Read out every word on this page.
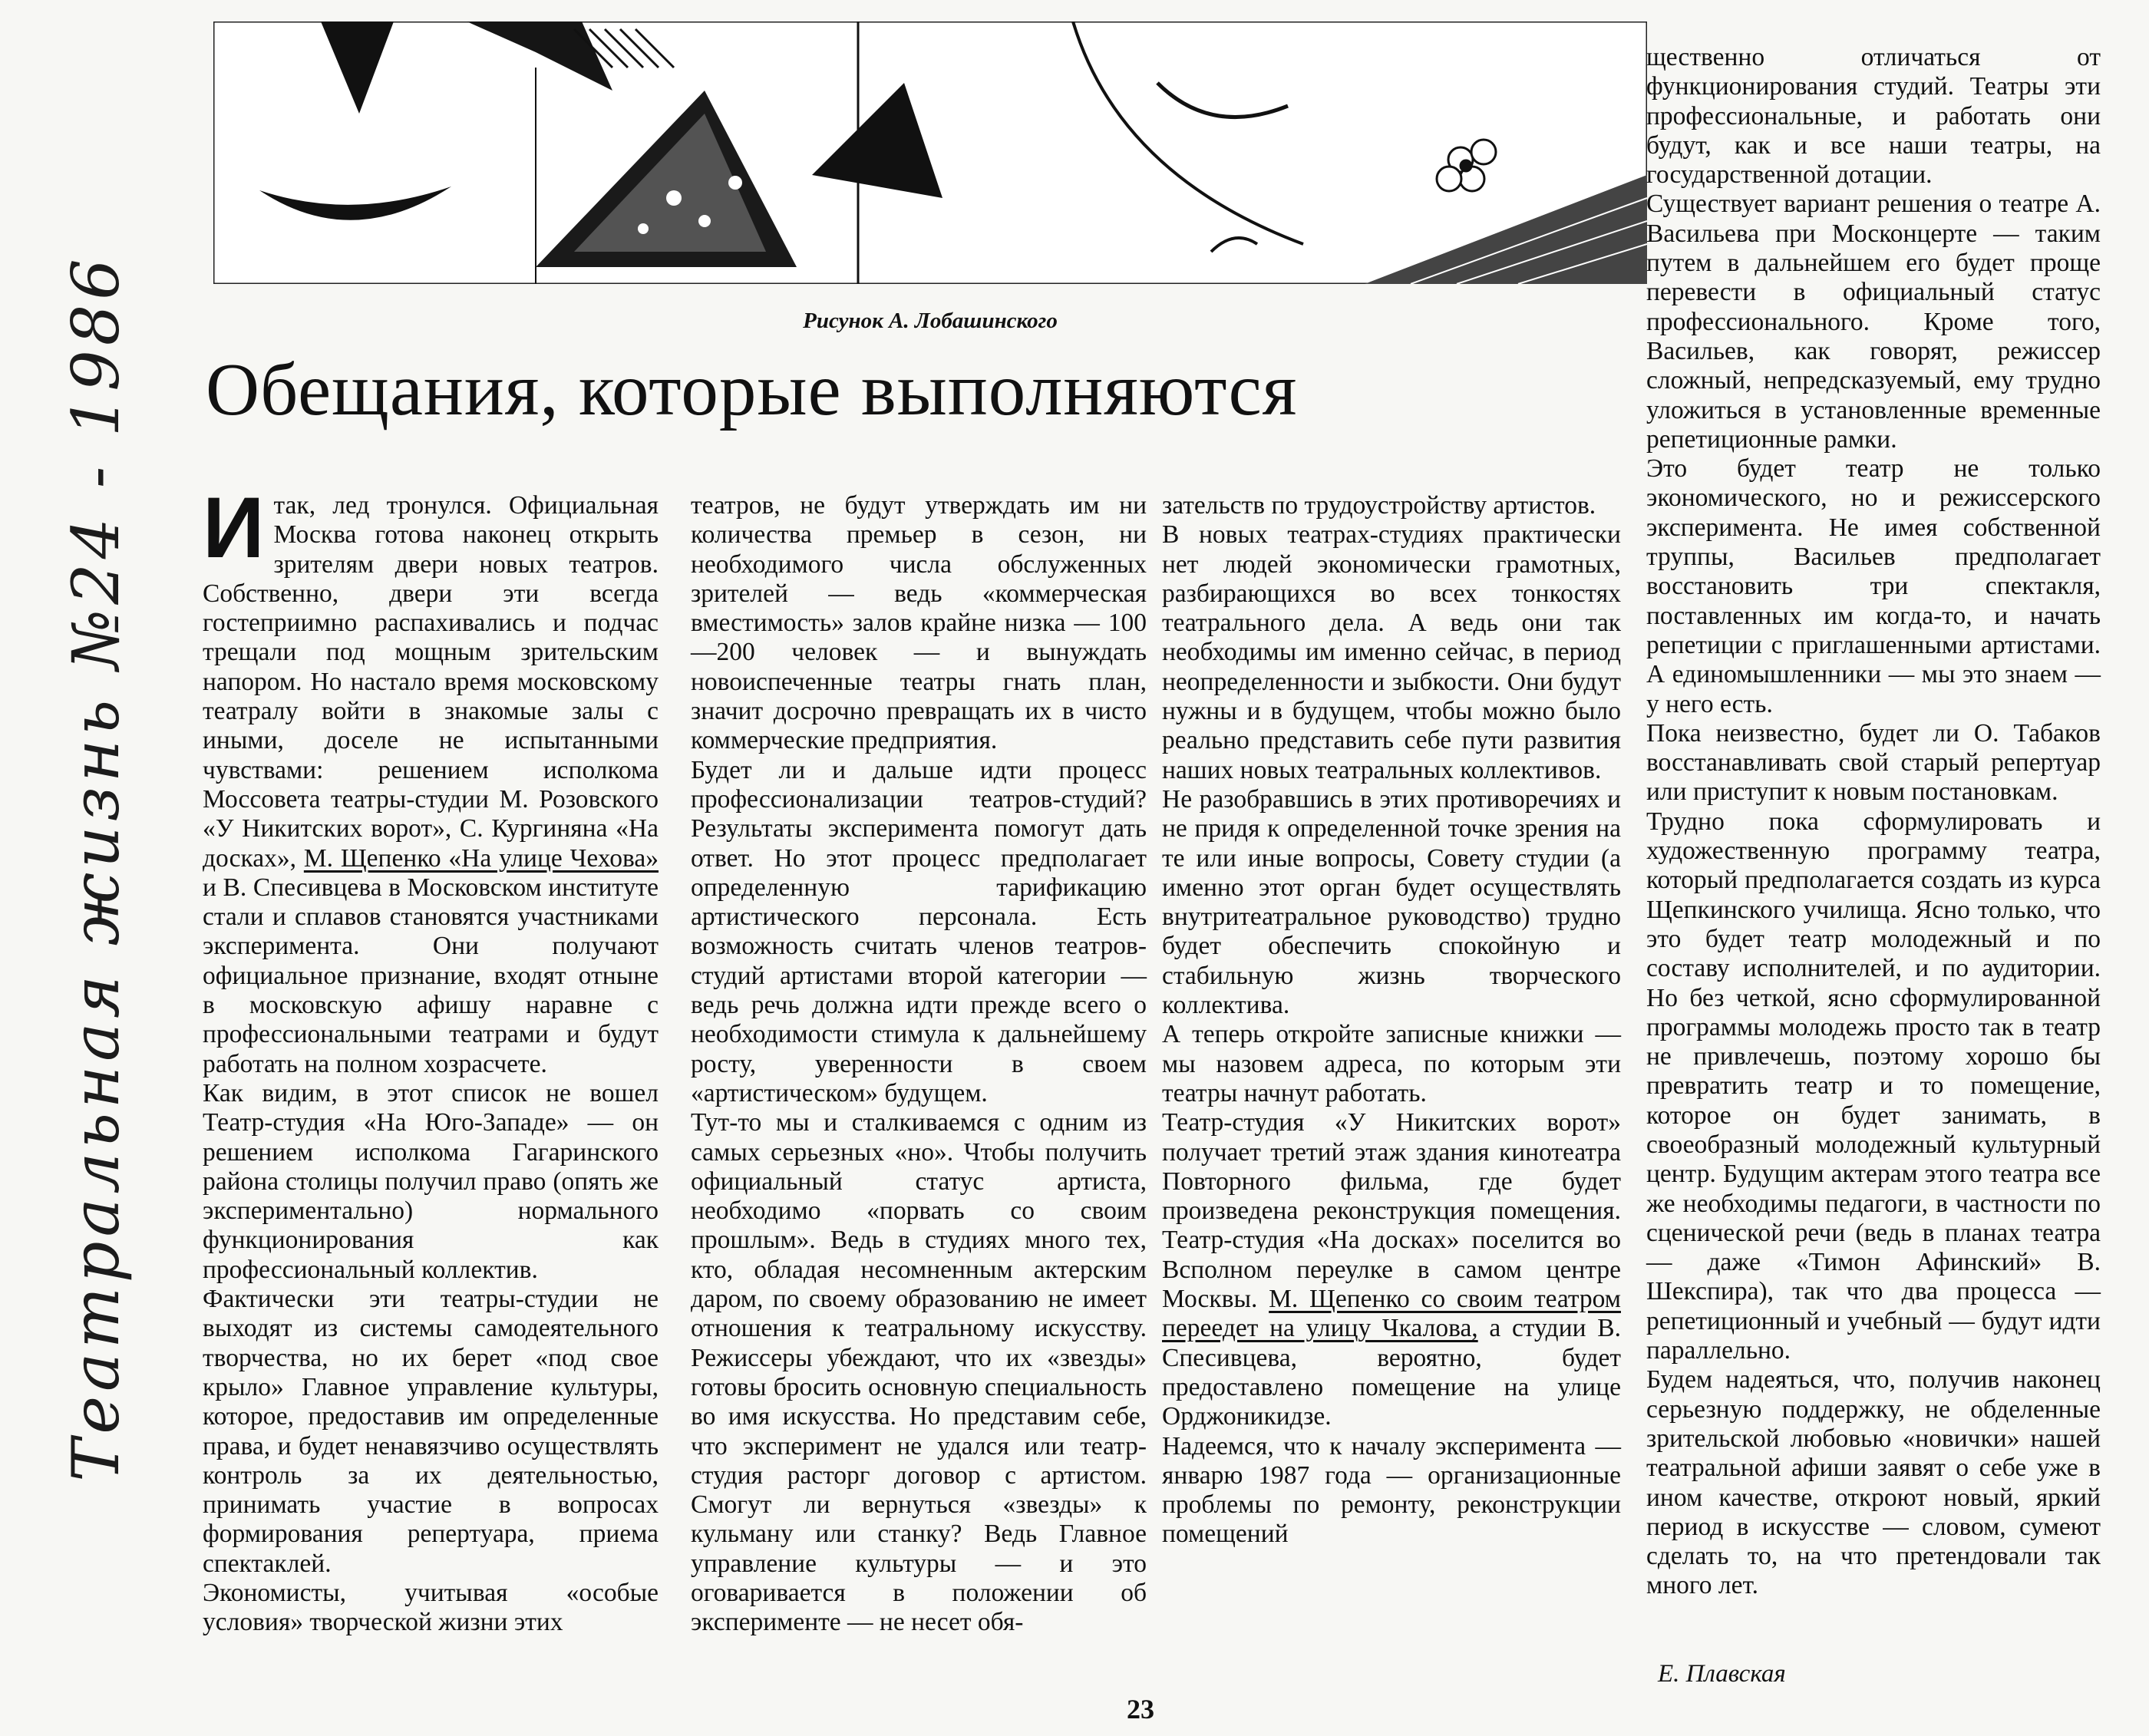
Театральная жизнь №24 - 1986	Рисунок А. Лобашинского
Обещания, которые выполняются

Итак, лед тронулся. Официальная Москва готова наконец открыть зрителям двери новых театров. Собственно, двери эти всегда гостеприимно распахивались и подчас трещали под мощным зрительским напором. Но настало время московскому театралу войти в знакомые залы с иными, доселе не испытанными чувствами: решением исполкома Моссовета театры-студии М. Розовского «У Никитских ворот», С. Кургиняна «На досках», М. Щепенко «На улице Чехова» и В. Спесивцева в Московском институте стали и сплавов становятся участниками эксперимента. Они получают официальное признание, входят отныне в московскую афишу наравне с профессиональными театрами и будут работать на полном хозрасчете.

Как видим, в этот список не вошел Театр-студия «На Юго-Западе» — он решением исполкома Гагаринского района столицы получил право (опять же экспериментально) нормального функционирования как профессиональный коллектив.

Фактически эти театры-студии не выходят из системы самодеятельного творчества, но их берет «под свое крыло» Главное управление культуры, которое, предоставив им определенные права, и будет ненавязчиво осуществлять контроль за их деятельностью, принимать участие в вопросах формирования репертуара, приема спектаклей.

Экономисты, учитывая «особые условия» творческой жизни этих

театров, не будут утверждать им ни количества премьер в сезон, ни необходимого числа обслуженных зрителей — ведь «коммерческая вместимость» залов крайне низка — 100—200 человек — и вынуждать новоиспеченные театры гнать план, значит досрочно превращать их в чисто коммерческие предприятия.

Будет ли и дальше идти процесс профессионализации театров-студий? Результаты эксперимента помогут дать ответ. Но этот процесс предполагает определенную тарификацию артистического персонала. Есть возможность считать членов театров-студий артистами второй категории — ведь речь должна идти прежде всего о необходимости стимула к дальнейшему росту, уверенности в своем «артистическом» будущем.

Тут-то мы и сталкиваемся с одним из самых серьезных «но». Чтобы получить официальный статус артиста, необходимо «порвать со своим прошлым». Ведь в студиях много тех, кто, обладая несомненным актерским даром, по своему образованию не имеет отношения к театральному искусству. Режиссеры убеждают, что их «звезды» готовы бросить основную специальность во имя искусства. Но представим себе, что эксперимент не удался или театр-студия расторг договор с артистом. Смогут ли вернуться «звезды» к кульману или станку? Ведь Главное управление культуры — и это оговаривается в положении об эксперименте — не несет обя-

зательств по трудоустройству артистов.

В новых театрах-студиях практически нет людей экономически грамотных, разбирающихся во всех тонкостях театрального дела. А ведь они так необходимы им именно сейчас, в период неопределенности и зыбкости. Они будут нужны и в будущем, чтобы можно было реально представить себе пути развития наших новых театральных коллективов.

Не разобравшись в этих противоречиях и не придя к определенной точке зрения на те или иные вопросы, Совету студии (а именно этот орган будет осуществлять внутритеатральное руководство) трудно будет обеспечить спокойную и стабильную жизнь творческого коллектива.

А теперь откройте записные книжки — мы назовем адреса, по которым эти театры начнут работать.

Театр-студия «У Никитских ворот» получает третий этаж здания кинотеатра Повторного фильма, где будет произведена реконструкция помещения. Театр-студия «На досках» поселится во Всполном переулке в самом центре Москвы. М. Щепенко со своим театром переедет на улицу Чкалова, а студии В. Спесивцева, вероятно, будет предоставлено помещение на улице Орджоникидзе.

Надеемся, что к началу эксперимента — январю 1987 года — организационные проблемы по ремонту, реконструкции помещений

щественно отличаться от функционирования студий. Театры эти профессиональные, и работать они будут, как и все наши театры, на государственной дотации.

Существует вариант решения о театре А. Васильева при Москонцерте — таким путем в дальнейшем его будет проще перевести в официальный статус профессионального. Кроме того, Васильев, как говорят, режиссер сложный, непредсказуемый, ему трудно уложиться в установленные временные репетиционные рамки.

Это будет театр не только экономического, но и режиссерского эксперимента. Не имея собственной труппы, Васильев предполагает восстановить три спектакля, поставленных им когда-то, и начать репетиции с приглашенными артистами. А единомышленники — мы это знаем — у него есть.

Пока неизвестно, будет ли О. Табаков восстанавливать свой старый репертуар или приступит к новым постановкам.

Трудно пока сформулировать и художественную программу театра, который предполагается создать из курса Щепкинского училища. Ясно только, что это будет театр молодежный и по составу исполнителей, и по аудитории. Но без четкой, ясно сформулированной программы молодежь просто так в театр не привлечешь, поэтому хорошо бы превратить театр и то помещение, которое он будет занимать, в своеобразный молодежный культурный центр. Будущим актерам этого театра все же необходимы педагоги, в частности по сценической речи (ведь в планах театра — даже «Тимон Афинский» В. Шекспира), так что два процесса — репетиционный и учебный — будут идти параллельно.

Будем надеяться, что, получив наконец серьезную поддержку, не обделенные зрительской любовью «новички» нашей театральной афиши заявят о себе уже в ином качестве, откроют новый, яркий период в искусстве — словом, сумеют сделать то, на что претендовали так много лет.

Е. Плавская
23
